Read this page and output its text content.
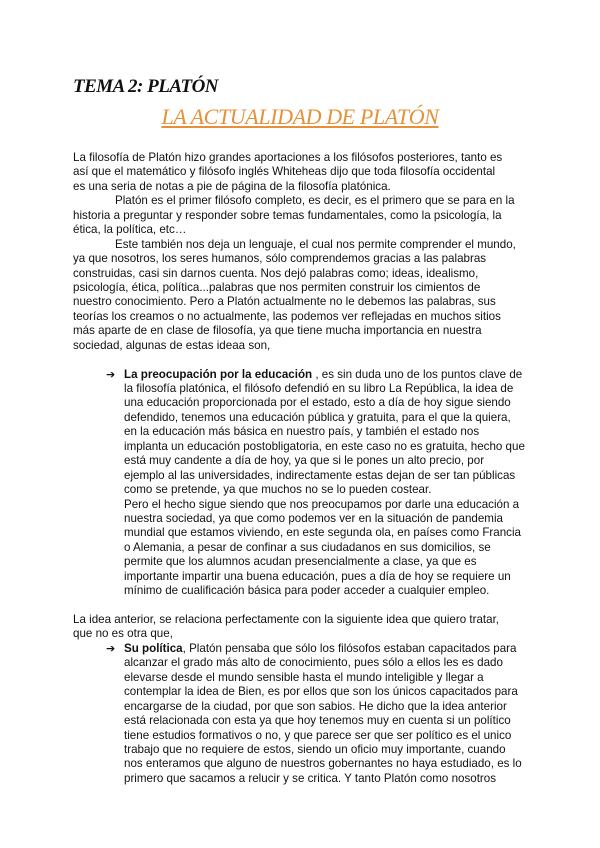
TEMA 2: PLATÓN
LA ACTUALIDAD DE PLATÓN
La filosofía de Platón hizo grandes aportaciones a los filósofos posteriores, tanto es
así que el matemático y filósofo inglés Whiteheas dijo que toda filosofía occidental
es una seria de notas a pie de página de la filosofía platónica.
Platón es el primer filósofo completo, es decir, es el primero que se para en la
historia a preguntar y responder sobre temas fundamentales, como la psicología, la
ética, la política, etc…
Este también nos deja un lenguaje, el cual nos permite comprender el mundo,
ya que nosotros, los seres humanos, sólo comprendemos gracias a las palabras
construidas, casi sin darnos cuenta. Nos dejó palabras como; ideas, idealismo,
psicología, ética, política...palabras que nos permiten construir los cimientos de
nuestro conocimiento. Pero a Platón actualmente no le debemos las palabras, sus
teorías los creamos o no actualmente, las podemos ver reflejadas en muchos sitios
más aparte de en clase de filosofía, ya que tiene mucha importancia en nuestra
sociedad, algunas de estas ideaa son,
➔ La preocupación por la educación , es sin duda uno de los puntos clave de
la filosofía platónica, el filósofo defendió en su libro La República, la idea de
una educación proporcionada por el estado, esto a día de hoy sigue siendo
defendido, tenemos una educación pública y gratuita, para el que la quiera,
en la educación más básica en nuestro país, y también el estado nos
implanta un educación postobligatoria, en este caso no es gratuita, hecho que
está muy candente a día de hoy, ya que si le pones un alto precio, por
ejemplo al las universidades, indirectamente estas dejan de ser tan públicas
como se pretende, ya que muchos no se lo pueden costear.
Pero el hecho sigue siendo que nos preocupamos por darle una educación a
nuestra sociedad, ya que como podemos ver en la situación de pandemia
mundial que estamos viviendo, en este segunda ola, en países como Francia
o Alemania, a pesar de confinar a sus ciudadanos en sus domicilios, se
permite que los alumnos acudan presencialmente a clase, ya que es
importante impartir una buena educación, pues a día de hoy se requiere un
mínimo de cualificación básica para poder acceder a cualquier empleo.
La idea anterior, se relaciona perfectamente con la siguiente idea que quiero tratar,
que no es otra que,
➔ Su política, Platón pensaba que sólo los filósofos estaban capacitados para
alcanzar el grado más alto de conocimiento, pues sólo a ellos les es dado
elevarse desde el mundo sensible hasta el mundo inteligible y llegar a
contemplar la idea de Bien, es por ellos que son los únicos capacitados para
encargarse de la ciudad, por que son sabios. He dicho que la idea anterior
está relacionada con esta ya que hoy tenemos muy en cuenta si un político
tiene estudios formativos o no, y que parece ser que ser político es el unico
trabajo que no requiere de estos, siendo un oficio muy importante, cuando
nos enteramos que alguno de nuestros gobernantes no haya estudiado, es lo
primero que sacamos a relucir y se critica. Y tanto Platón como nosotros
